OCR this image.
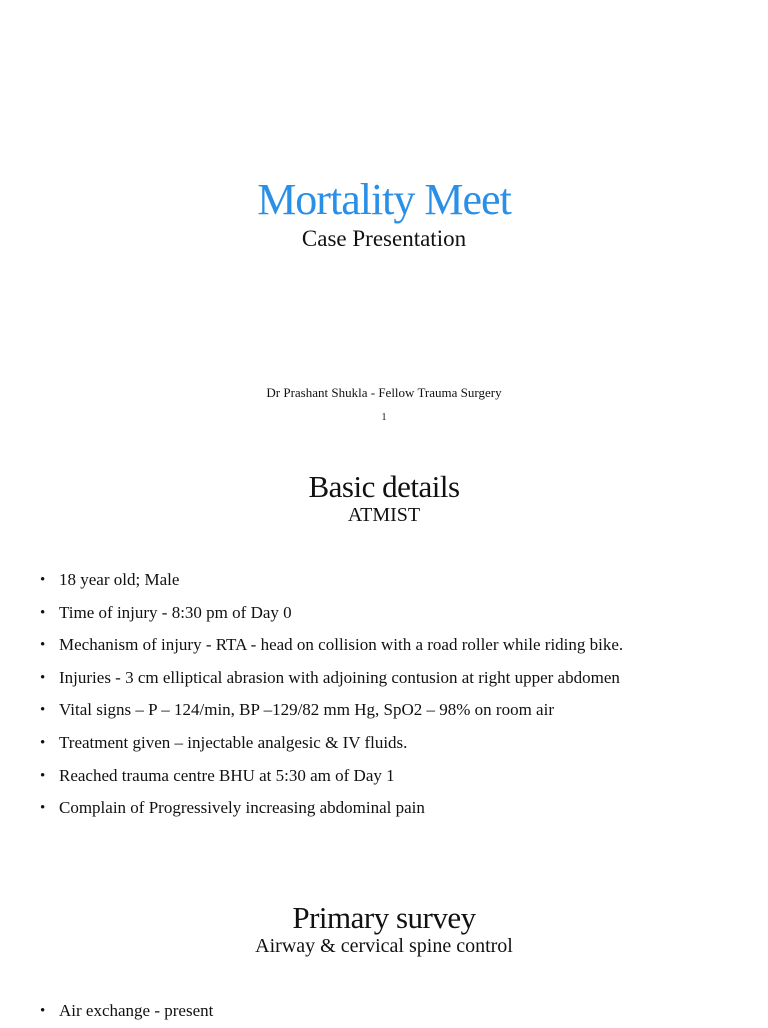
Mortality Meet
Case Presentation
Dr Prashant Shukla - Fellow Trauma Surgery
1
Basic details
ATMIST
• 18 year old; Male
• Time of injury - 8:30 pm of Day 0
• Mechanism of injury - RTA - head on collision with a road roller while riding bike.
• Injuries - 3 cm elliptical abrasion with adjoining contusion at right upper abdomen
• Vital signs – P – 124/min, BP –129/82 mm Hg, SpO2 – 98% on room air
• Treatment given – injectable analgesic & IV fluids.
• Reached trauma centre BHU at 5:30 am of Day 1
• Complain of Progressively increasing abdominal pain
Primary survey
Airway & cervical spine control
• Air exchange - present
